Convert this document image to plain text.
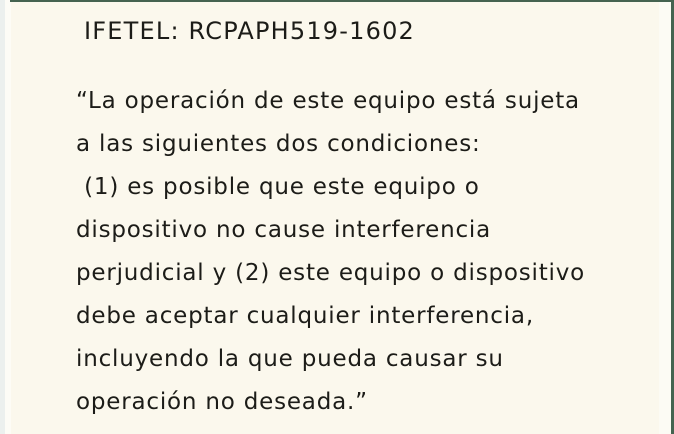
IFETEL: RCPAPH519-1602
“La operación de este equipo está sujeta
a las siguientes dos condiciones:
(1) es posible que este equipo o
dispositivo no cause interferencia
perjudicial y (2) este equipo o dispositivo
debe aceptar cualquier interferencia,
incluyendo la que pueda causar su
operación no deseada.”
